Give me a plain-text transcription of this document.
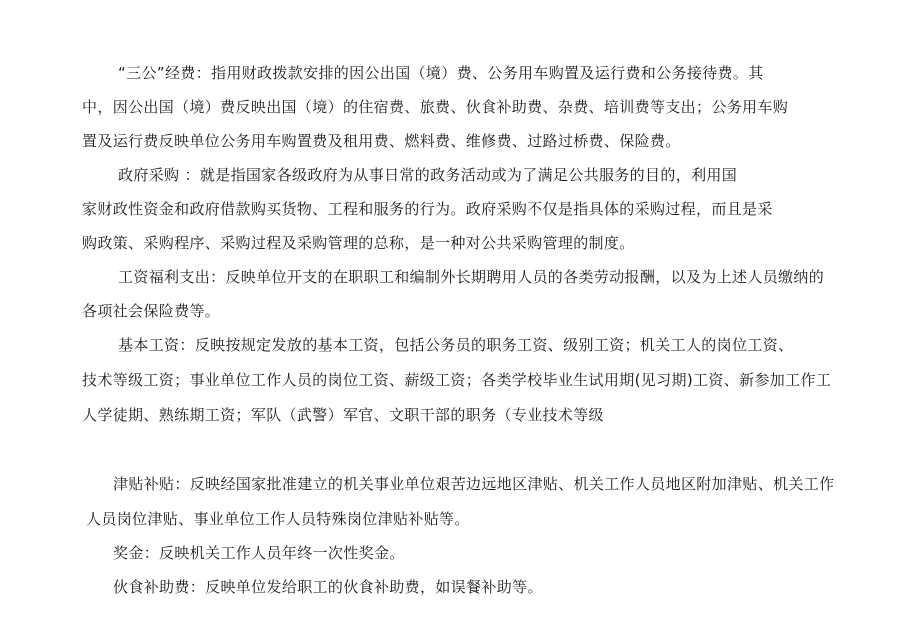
“三公”经费：指用财政拨款安排的因公出国（境）费、公务用车购置及运行费和公务接待费。其
中，因公出国（境）费反映出国（境）的住宿费、旅费、伙食补助费、杂费、培训费等支出；公务用车购
置及运行费反映单位公务用车购置费及租用费、燃料费、维修费、过路过桥费、保险费。
政府采购 ：就是指国家各级政府为从事日常的政务活动或为了满足公共服务的目的，利用国
家财政性资金和政府借款购买货物、工程和服务的行为。政府采购不仅是指具体的采购过程，而且是采
购政策、采购程序、采购过程及采购管理的总称，是一种对公共采购管理的制度。
工资福利支出：反映单位开支的在职职工和编制外长期聘用人员的各类劳动报酬，以及为上述人员缴纳的
各项社会保险费等。
基本工资：反映按规定发放的基本工资，包括公务员的职务工资、级别工资；机关工人的岗位工资、
技术等级工资；事业单位工作人员的岗位工资、薪级工资；各类学校毕业生试用期(见习期)工资、新参加工作工
人学徒期、熟练期工资；军队（武警）军官、文职干部的职务（专业技术等级
津贴补贴：反映经国家批准建立的机关事业单位艰苦边远地区津贴、机关工作人员地区附加津贴、机关工作
人员岗位津贴、事业单位工作人员特殊岗位津贴补贴等。
奖金：反映机关工作人员年终一次性奖金。
伙食补助费：反映单位发给职工的伙食补助费，如误餐补助等。
